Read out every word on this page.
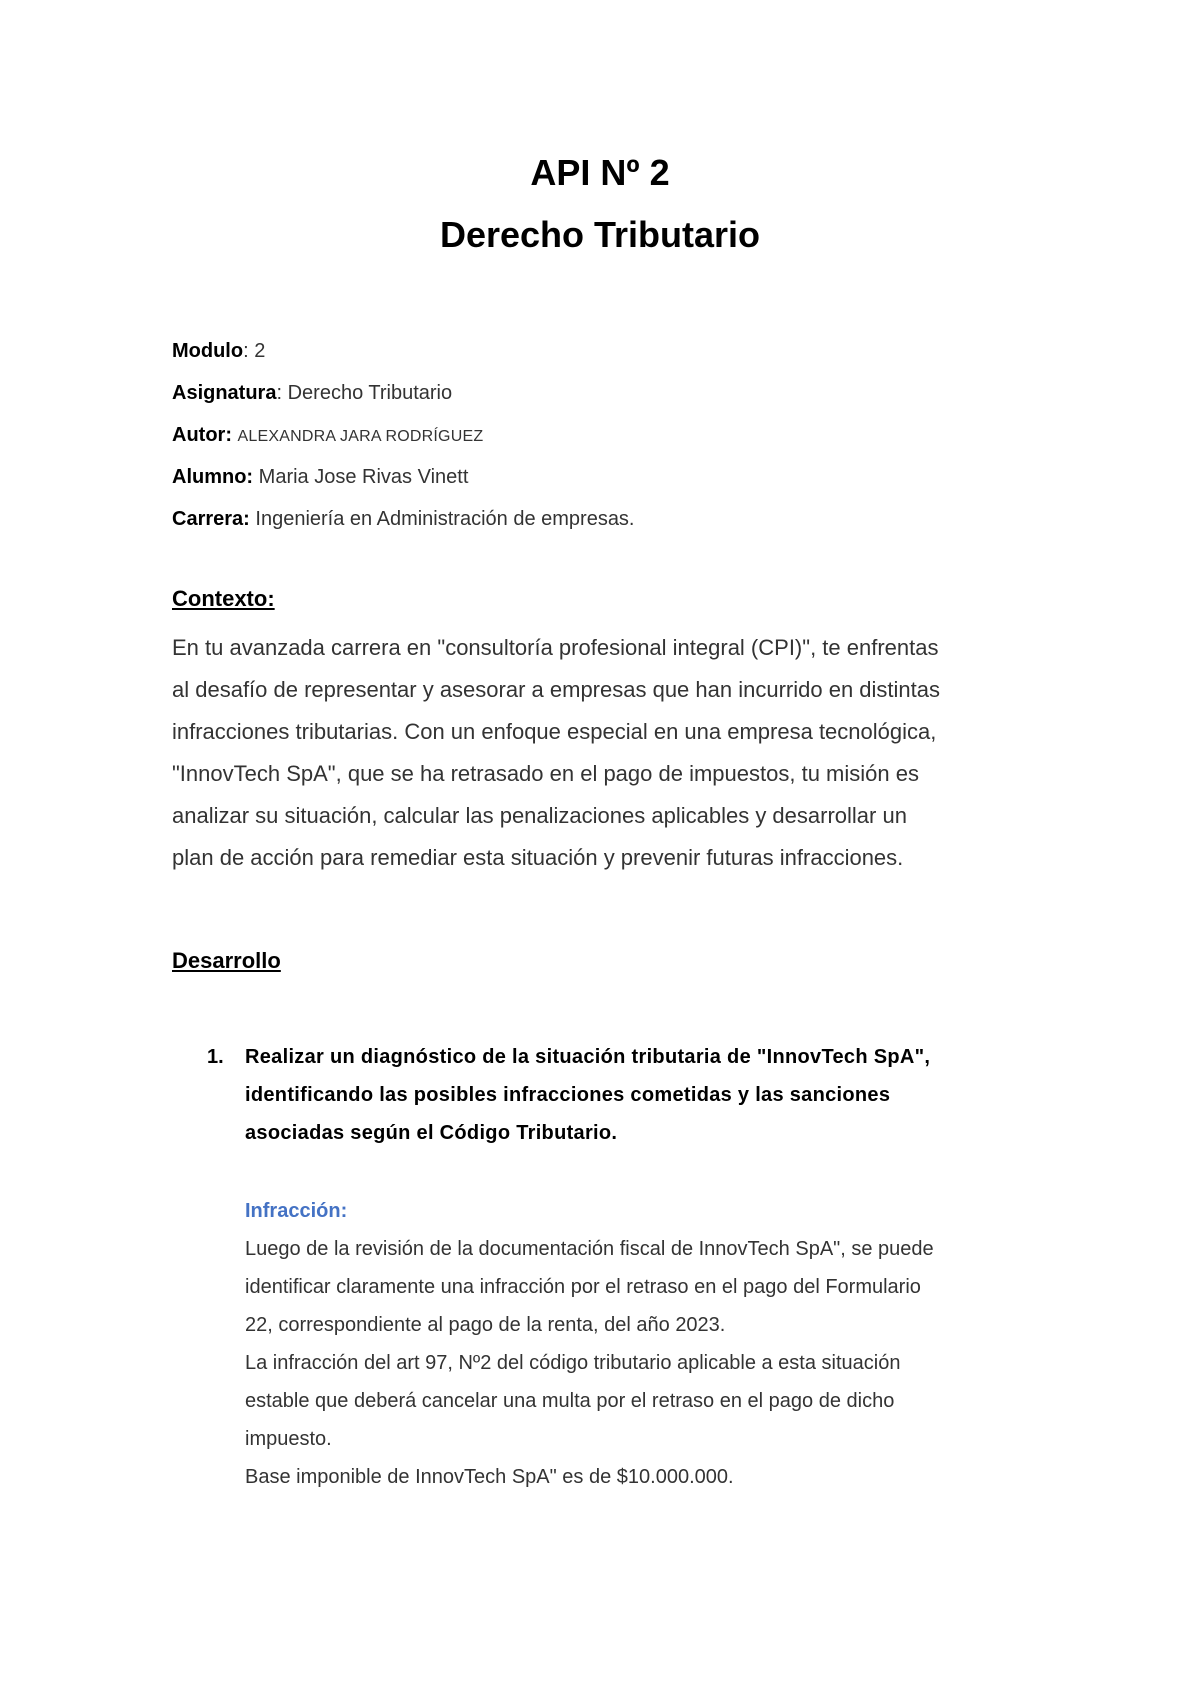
API Nº 2
Derecho Tributario
Modulo: 2
Asignatura: Derecho Tributario
Autor: ALEXANDRA JARA RODRÍGUEZ
Alumno: Maria Jose Rivas Vinett
Carrera: Ingeniería en Administración de empresas.
Contexto:
En tu avanzada carrera en "consultoría profesional integral (CPI)", te enfrentas
al desafío de representar y asesorar a empresas que han incurrido en distintas
infracciones tributarias. Con un enfoque especial en una empresa tecnológica,
"InnovTech SpA", que se ha retrasado en el pago de impuestos, tu misión es
analizar su situación, calcular las penalizaciones aplicables y desarrollar un
plan de acción para remediar esta situación y prevenir futuras infracciones.
Desarrollo
1. Realizar un diagnóstico de la situación tributaria de "InnovTech SpA",
identificando las posibles infracciones cometidas y las sanciones
asociadas según el Código Tributario.
Infracción:
Luego de la revisión de la documentación fiscal de InnovTech SpA", se puede
identificar claramente una infracción por el retraso en el pago del Formulario
22, correspondiente al pago de la renta, del año 2023.
La infracción del art 97, Nº2 del código tributario aplicable a esta situación
estable que deberá cancelar una multa por el retraso en el pago de dicho
impuesto.
Base imponible de InnovTech SpA" es de $10.000.000.
